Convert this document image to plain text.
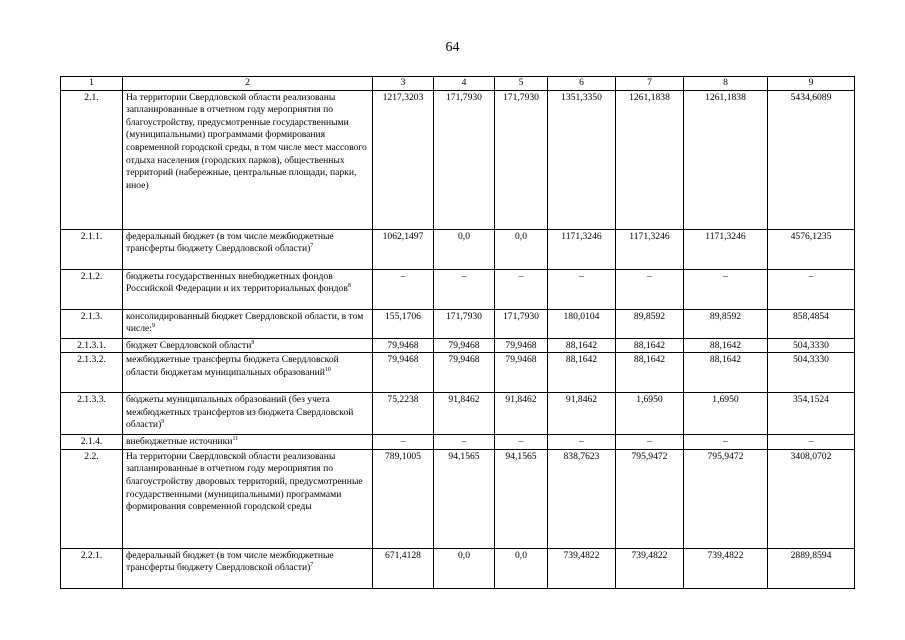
64
1	2	3	4	5	6	7	8	9
2.1.	На территории Свердловской области реализованы запланированные в отчетном году мероприятия по благоустройству, предусмотренные государственными (муниципальными) программами формирования современной городской среды, в том числе мест массового отдыха населения (городских парков), общественных территорий (набережные, центральные площади, парки, иное)	1217,3203	171,7930	171,7930	1351,3350	1261,1838	1261,1838	5434,6089
2.1.1.	федеральный бюджет (в том числе межбюджетные трансферты бюджету Свердловской области)$^7$	1062,1497	0,0	0,0	1171,3246	1171,3246	1171,3246	4576,1235
2.1.2.	бюджеты государственных внебюджетных фондов Российской Федерации и их территориальных фондов$^8$	–	–	–	–	–	–	–
2.1.3.	консолидированный бюджет Свердловской области, в том числе:$^9$	155,1706	171,7930	171,7930	180,0104	89,8592	89,8592	858,4854
2.1.3.1.	бюджет Свердловской области$^9$	79,9468	79,9468	79,9468	88,1642	88,1642	88,1642	504,3330
2.1.3.2.	межбюджетные трансферты бюджета Свердловской области бюджетам муниципальных образований$^{10}$	79,9468	79,9468	79,9468	88,1642	88,1642	88,1642	504,3330
2.1.3.3.	бюджеты муниципальных образований (без учета межбюджетных трансфертов из бюджета Свердловской области)$^9$	75,2238	91,8462	91,8462	91,8462	1,6950	1,6950	354,1524
2.1.4.	внебюджетные источники$^{11}$	–	–	–	–	–	–	–
2.2.	На территории Свердловской области реализованы запланированные в отчетном году мероприятия по благоустройству дворовых территорий, предусмотренные государственными (муниципальными) программами формирования современной городской среды	789,1005	94,1565	94,1565	838,7623	795,9472	795,9472	3408,0702
2.2.1.	федеральный бюджет (в том числе межбюджетные трансферты бюджету Свердловской области)$^7$	671,4128	0,0	0,0	739,4822	739,4822	739,4822	2889,8594
